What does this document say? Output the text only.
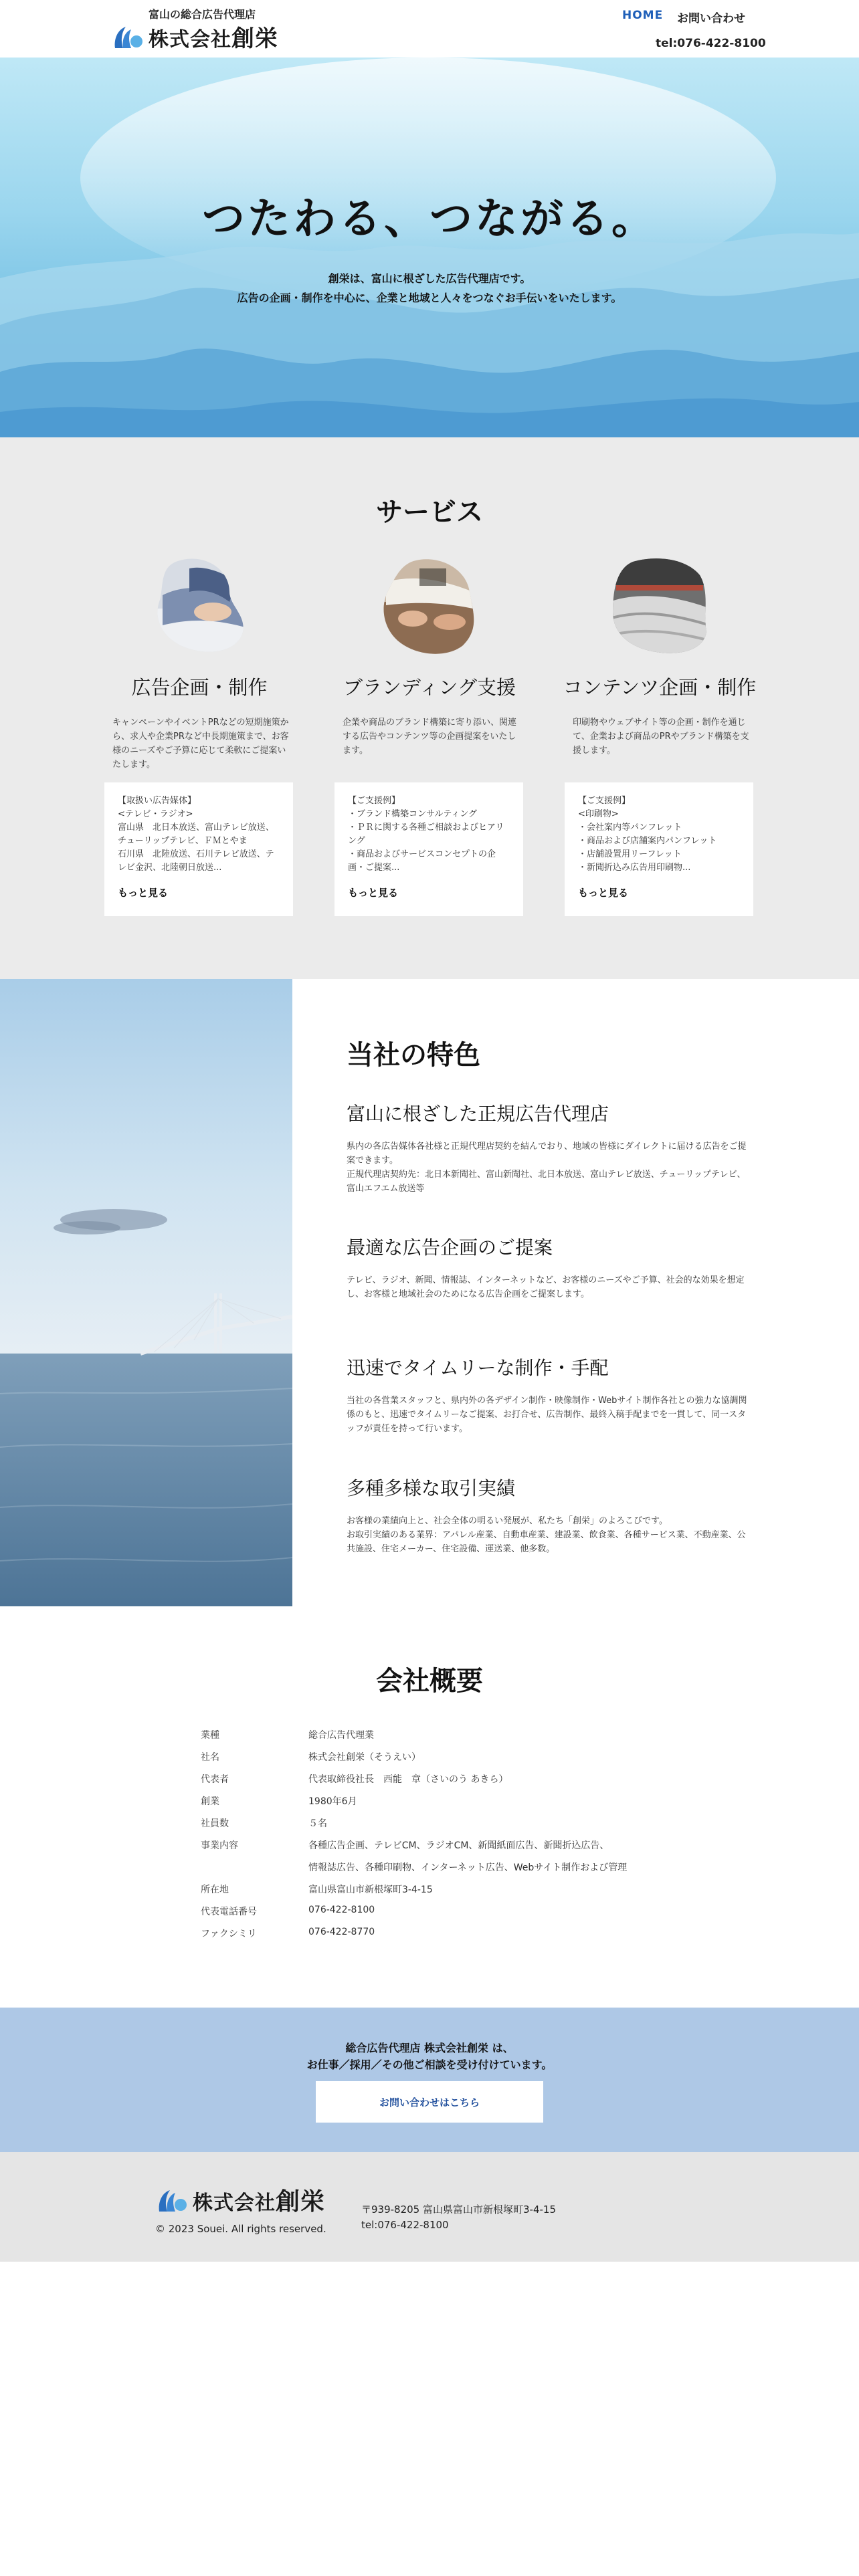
富山の総合広告代理店
株式会社創栄
HOME お問い合わせ
tel:076-422-8100
つたわる、つながる。
創栄は、富山に根ざした広告代理店です。
広告の企画・制作を中心に、企業と地域と人々をつなぐお手伝いをいたします。
サービス
広告企画・制作
キャンペーンやイベントPRなどの短期施策から、求人や企業PRなど中長期施策まで、お客様のニーズやご予算に応じて柔軟にご提案いたします。
【取扱い広告媒体】
<テレビ・ラジオ>
富山県　北日本放送、富山テレビ放送、チューリップテレビ、ＦＭとやま
石川県　北陸放送、石川テレビ放送、テレビ金沢、北陸朝日放送...
もっと見る
ブランディング支援
企業や商品のブランド構築に寄り添い、関連する広告やコンテンツ等の企画提案をいたします。
【ご支援例】
・ブランド構築コンサルティング
・ＰＲに関する各種ご相談およびヒアリング
・商品およびサービスコンセプトの企画・ご提案...
もっと見る
コンテンツ企画・制作
印刷物やウェブサイト等の企画・制作を通じて、企業および商品のPRやブランド構築を支援します。
【ご支援例】
<印刷物>
・会社案内等パンフレット
・商品および店舗案内パンフレット
・店舗設置用リーフレット
・新聞折込み広告用印刷物...
もっと見る
当社の特色
富山に根ざした正規広告代理店
県内の各広告媒体各社様と正規代理店契約を結んでおり、地域の皆様にダイレクトに届ける広告をご提案できます。
正規代理店契約先：北日本新聞社、富山新聞社、北日本放送、富山テレビ放送、チューリップテレビ、富山エフエム放送等
最適な広告企画のご提案
テレビ、ラジオ、新聞、情報誌、インターネットなど、お客様のニーズやご予算、社会的な効果を想定し、お客様と地域社会のためになる広告企画をご提案します。
迅速でタイムリーな制作・手配
当社の各営業スタッフと、県内外の各デザイン制作・映像制作・Webサイト制作各社との強力な協調関係のもと、迅速でタイムリーなご提案、お打合せ、広告制作、最終入稿手配までを一貫して、同一スタッフが責任を持って行います。
多種多様な取引実績
お客様の業績向上と、社会全体の明るい発展が、私たち「創栄」のよろこびです。
お取引実績のある業界：アパレル産業、自動車産業、建設業、飲食業、各種サービス業、不動産業、公共施設、住宅メーカー、住宅設備、運送業、他多数。
会社概要
業種	総合広告代理業
社名	株式会社創栄（そうえい）
代表者	代表取締役社長　西能　章（さいのう あきら）
創業	1980年6月
社員数	５名
事業内容	各種広告企画、テレビCM、ラジオCM、新聞紙面広告、新聞折込広告、
情報誌広告、各種印刷物、インターネット広告、Webサイト制作および管理
所在地	富山県富山市新根塚町3-4-15
代表電話番号	076-422-8100
ファクシミリ	076-422-8770
総合広告代理店 株式会社創栄 は、
お仕事／採用／その他ご相談を受け付けています。
お問い合わせはこちら
株式会社創栄
© 2023 Souei. All rights reserved.
〒939-8205 富山県富山市新根塚町3-4-15
tel:076-422-8100
